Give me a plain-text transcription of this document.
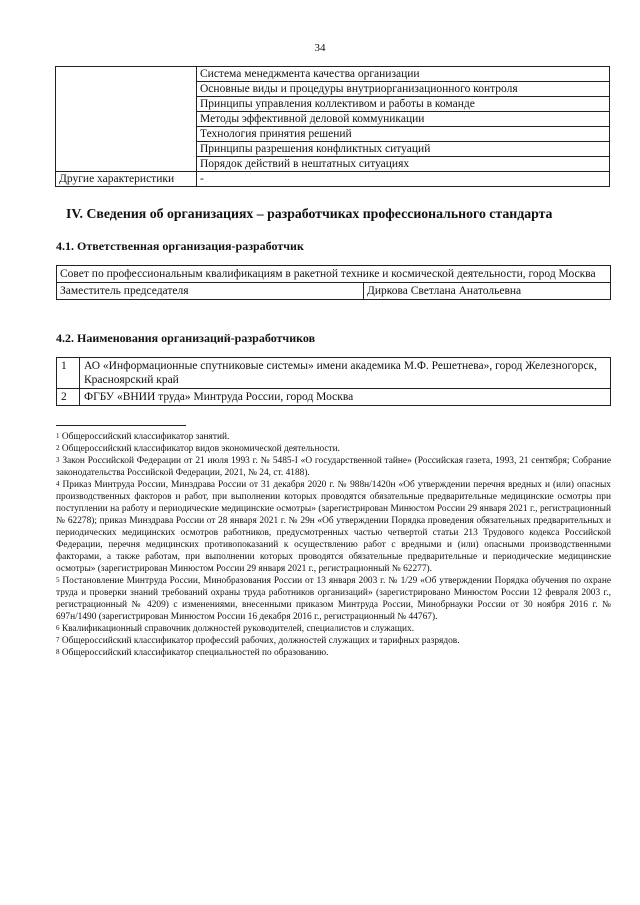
34
	Система менеджмента качества организации
	Основные виды и процедуры внутриорганизационного контроля
	Принципы управления коллективом и работы в команде
	Методы эффективной деловой коммуникации
	Технология принятия решений
	Принципы разрешения конфликтных ситуаций
	Порядок действий в нештатных ситуациях
Другие характеристики	-
IV. Сведения об организациях – разработчиках профессионального стандарта
4.1. Ответственная организация-разработчик
Совет по профессиональным квалификациям в ракетной технике и космической деятельности, город Москва
Заместитель председателя	Диркова Светлана Анатольевна
4.2. Наименования организаций-разработчиков
1	АО «Информационные спутниковые системы» имени академика М.Ф. Решетнева», город Железногорск, Красноярский край
2	ФГБУ «ВНИИ труда» Минтруда России, город Москва

$^1$ Общероссийский классификатор занятий.

$^2$ Общероссийский классификатор видов экономической деятельности.

$^3$ Закон Российской Федерации от 21 июля 1993 г. № 5485-I «О государственной тайне» (Российская газета, 1993, 21 сентября; Собрание законодательства Российской Федерации, 2021, № 24, ст. 4188).

$^4$ Приказ Минтруда России, Минздрава России от 31 декабря 2020 г. № 988н/1420н «Об утверждении перечня вредных и (или) опасных производственных факторов и работ, при выполнении которых проводятся обязательные предварительные медицинские осмотры при поступлении на работу и периодические медицинские осмотры» (зарегистрирован Минюстом России 29 января 2021 г., регистрационный № 62278); приказ Минздрава России от 28 января 2021 г. № 29н «Об утверждении Порядка проведения обязательных предварительных и периодических медицинских осмотров работников, предусмотренных частью четвертой статьи 213 Трудового кодекса Российской Федерации, перечня медицинских противопоказаний к осуществлению работ с вредными и (или) опасными производственными факторами, а также работам, при выполнении которых проводятся обязательные предварительные и периодические медицинские осмотры» (зарегистрирован Минюстом России 29 января 2021 г., регистрационный № 62277).

$^5$ Постановление Минтруда России, Минобразования России от 13 января 2003 г. № 1/29 «Об утверждении Порядка обучения по охране труда и проверки знаний требований охраны труда работников организаций» (зарегистрировано Минюстом России 12 февраля 2003 г., регистрационный № 4209) с изменениями, внесенными приказом Минтруда России, Минобрнауки России от 30 ноября 2016 г. № 697н/1490 (зарегистрирован Минюстом России 16 декабря 2016 г., регистрационный № 44767).

$^6$ Квалификационный справочник должностей руководителей, специалистов и служащих.

$^7$ Общероссийский классификатор профессий рабочих, должностей служащих и тарифных разрядов.

$^8$ Общероссийский классификатор специальностей по образованию.
